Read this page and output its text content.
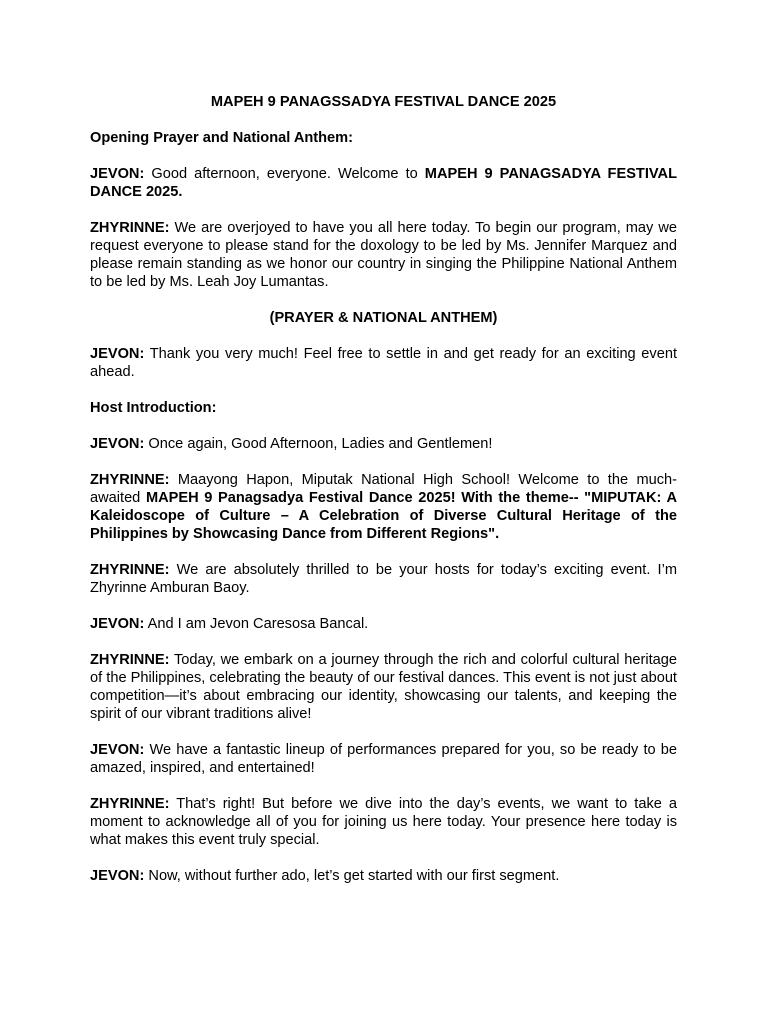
MAPEH 9 PANAGSSADYA FESTIVAL DANCE 2025

Opening Prayer and National Anthem:

JEVON: Good afternoon, everyone. Welcome to MAPEH 9 PANAGSADYA FESTIVAL DANCE 2025.

ZHYRINNE: We are overjoyed to have you all here today. To begin our program, may we request everyone to please stand for the doxology to be led by Ms. Jennifer Marquez and please remain standing as we honor our country in singing the Philippine National Anthem to be led by Ms. Leah Joy Lumantas.

(PRAYER & NATIONAL ANTHEM)

JEVON: Thank you very much! Feel free to settle in and get ready for an exciting event ahead.

Host Introduction:

JEVON: Once again, Good Afternoon, Ladies and Gentlemen!

ZHYRINNE: Maayong Hapon, Miputak National High School! Welcome to the much-awaited MAPEH 9 Panagsadya Festival Dance 2025! With the theme-- "MIPUTAK: A Kaleidoscope of Culture – A Celebration of Diverse Cultural Heritage of the Philippines by Showcasing Dance from Different Regions".

ZHYRINNE: We are absolutely thrilled to be your hosts for today’s exciting event. I’m Zhyrinne Amburan Baoy.

JEVON: And I am Jevon Caresosa Bancal.

ZHYRINNE: Today, we embark on a journey through the rich and colorful cultural heritage of the Philippines, celebrating the beauty of our festival dances. This event is not just about competition—it’s about embracing our identity, showcasing our talents, and keeping the spirit of our vibrant traditions alive!

JEVON: We have a fantastic lineup of performances prepared for you, so be ready to be amazed, inspired, and entertained!

ZHYRINNE: That’s right! But before we dive into the day’s events, we want to take a moment to acknowledge all of you for joining us here today. Your presence here today is what makes this event truly special.

JEVON: Now, without further ado, let’s get started with our first segment.
